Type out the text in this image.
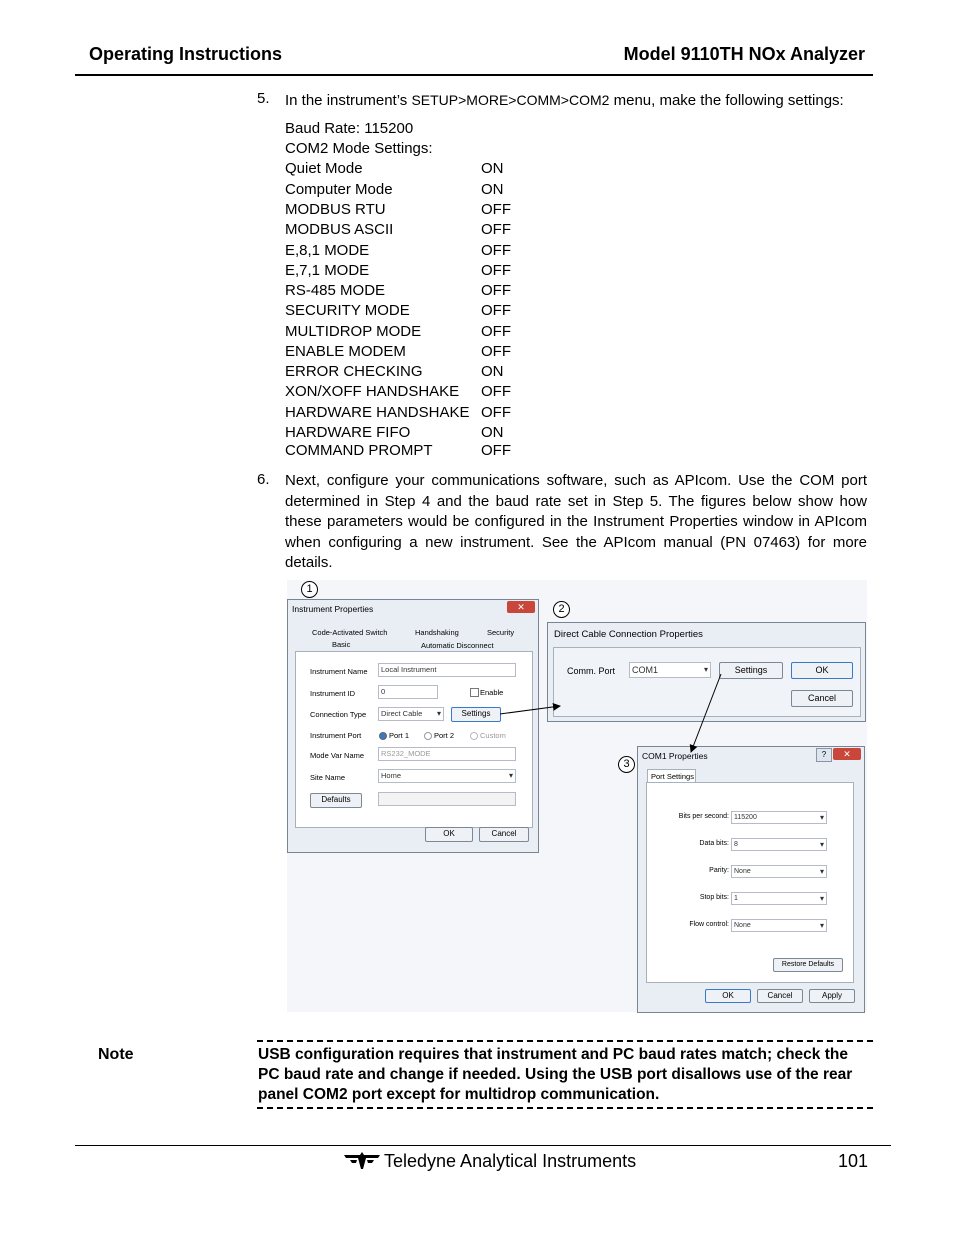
Operating Instructions	Model 9110TH NOx Analyzer
5. In the instrument’s SETUP>MORE>COMM>COM2 menu, make the following settings:
Baud Rate: 115200
COM2 Mode Settings:
Quiet Mode	ON
Computer Mode	ON
MODBUS RTU	OFF
MODBUS ASCII	OFF
E,8,1 MODE	OFF
E,7,1 MODE	OFF
RS-485 MODE	OFF
SECURITY MODE	OFF
MULTIDROP MODE	OFF
ENABLE MODEM	OFF
ERROR CHECKING	ON
XON/XOFF HANDSHAKE OFF
HARDWARE HANDSHAKE OFF
HARDWARE FIFO	ON
COMMAND PROMPT	OFF
6. Next, configure your communications software, such as APIcom. Use the COM port determined in Step 4 and the baud rate set in Step 5. The figures below show how these parameters would be configured in the Instrument Properties window in APIcom when configuring a new instrument. See the APIcom manual (PN 07463) for more details.
1
2
3
Instrument Properties	✕
Code-Activated Switch	Handshaking	Security
Basic	Automatic Disconnect
Instrument Name	Local Instrument
Instrument ID	0	Enable
Connection Type	Direct Cable ▾	Settings
Instrument Port	Port 1	Port 2	Custom
Mode Var Name	RS232_MODE
Site Name	Home ▾
Defaults
OK	Cancel
Direct Cable Connection Properties
Comm. Port	COM1 ▾	Settings	OK
Cancel
COM1 Properties	?	✕
Port Settings
Bits per second: 115200 ▾
Data bits: 8 ▾
Parity: None ▾
Stop bits: 1 ▾
Flow control: None ▾
Restore Defaults
OK	Cancel	Apply
Note	USB configuration requires that instrument and PC baud rates match; check the PC baud rate and change if needed. Using the USB port disallows use of the rear panel COM2 port except for multidrop communication.
Teledyne Analytical Instruments	101
